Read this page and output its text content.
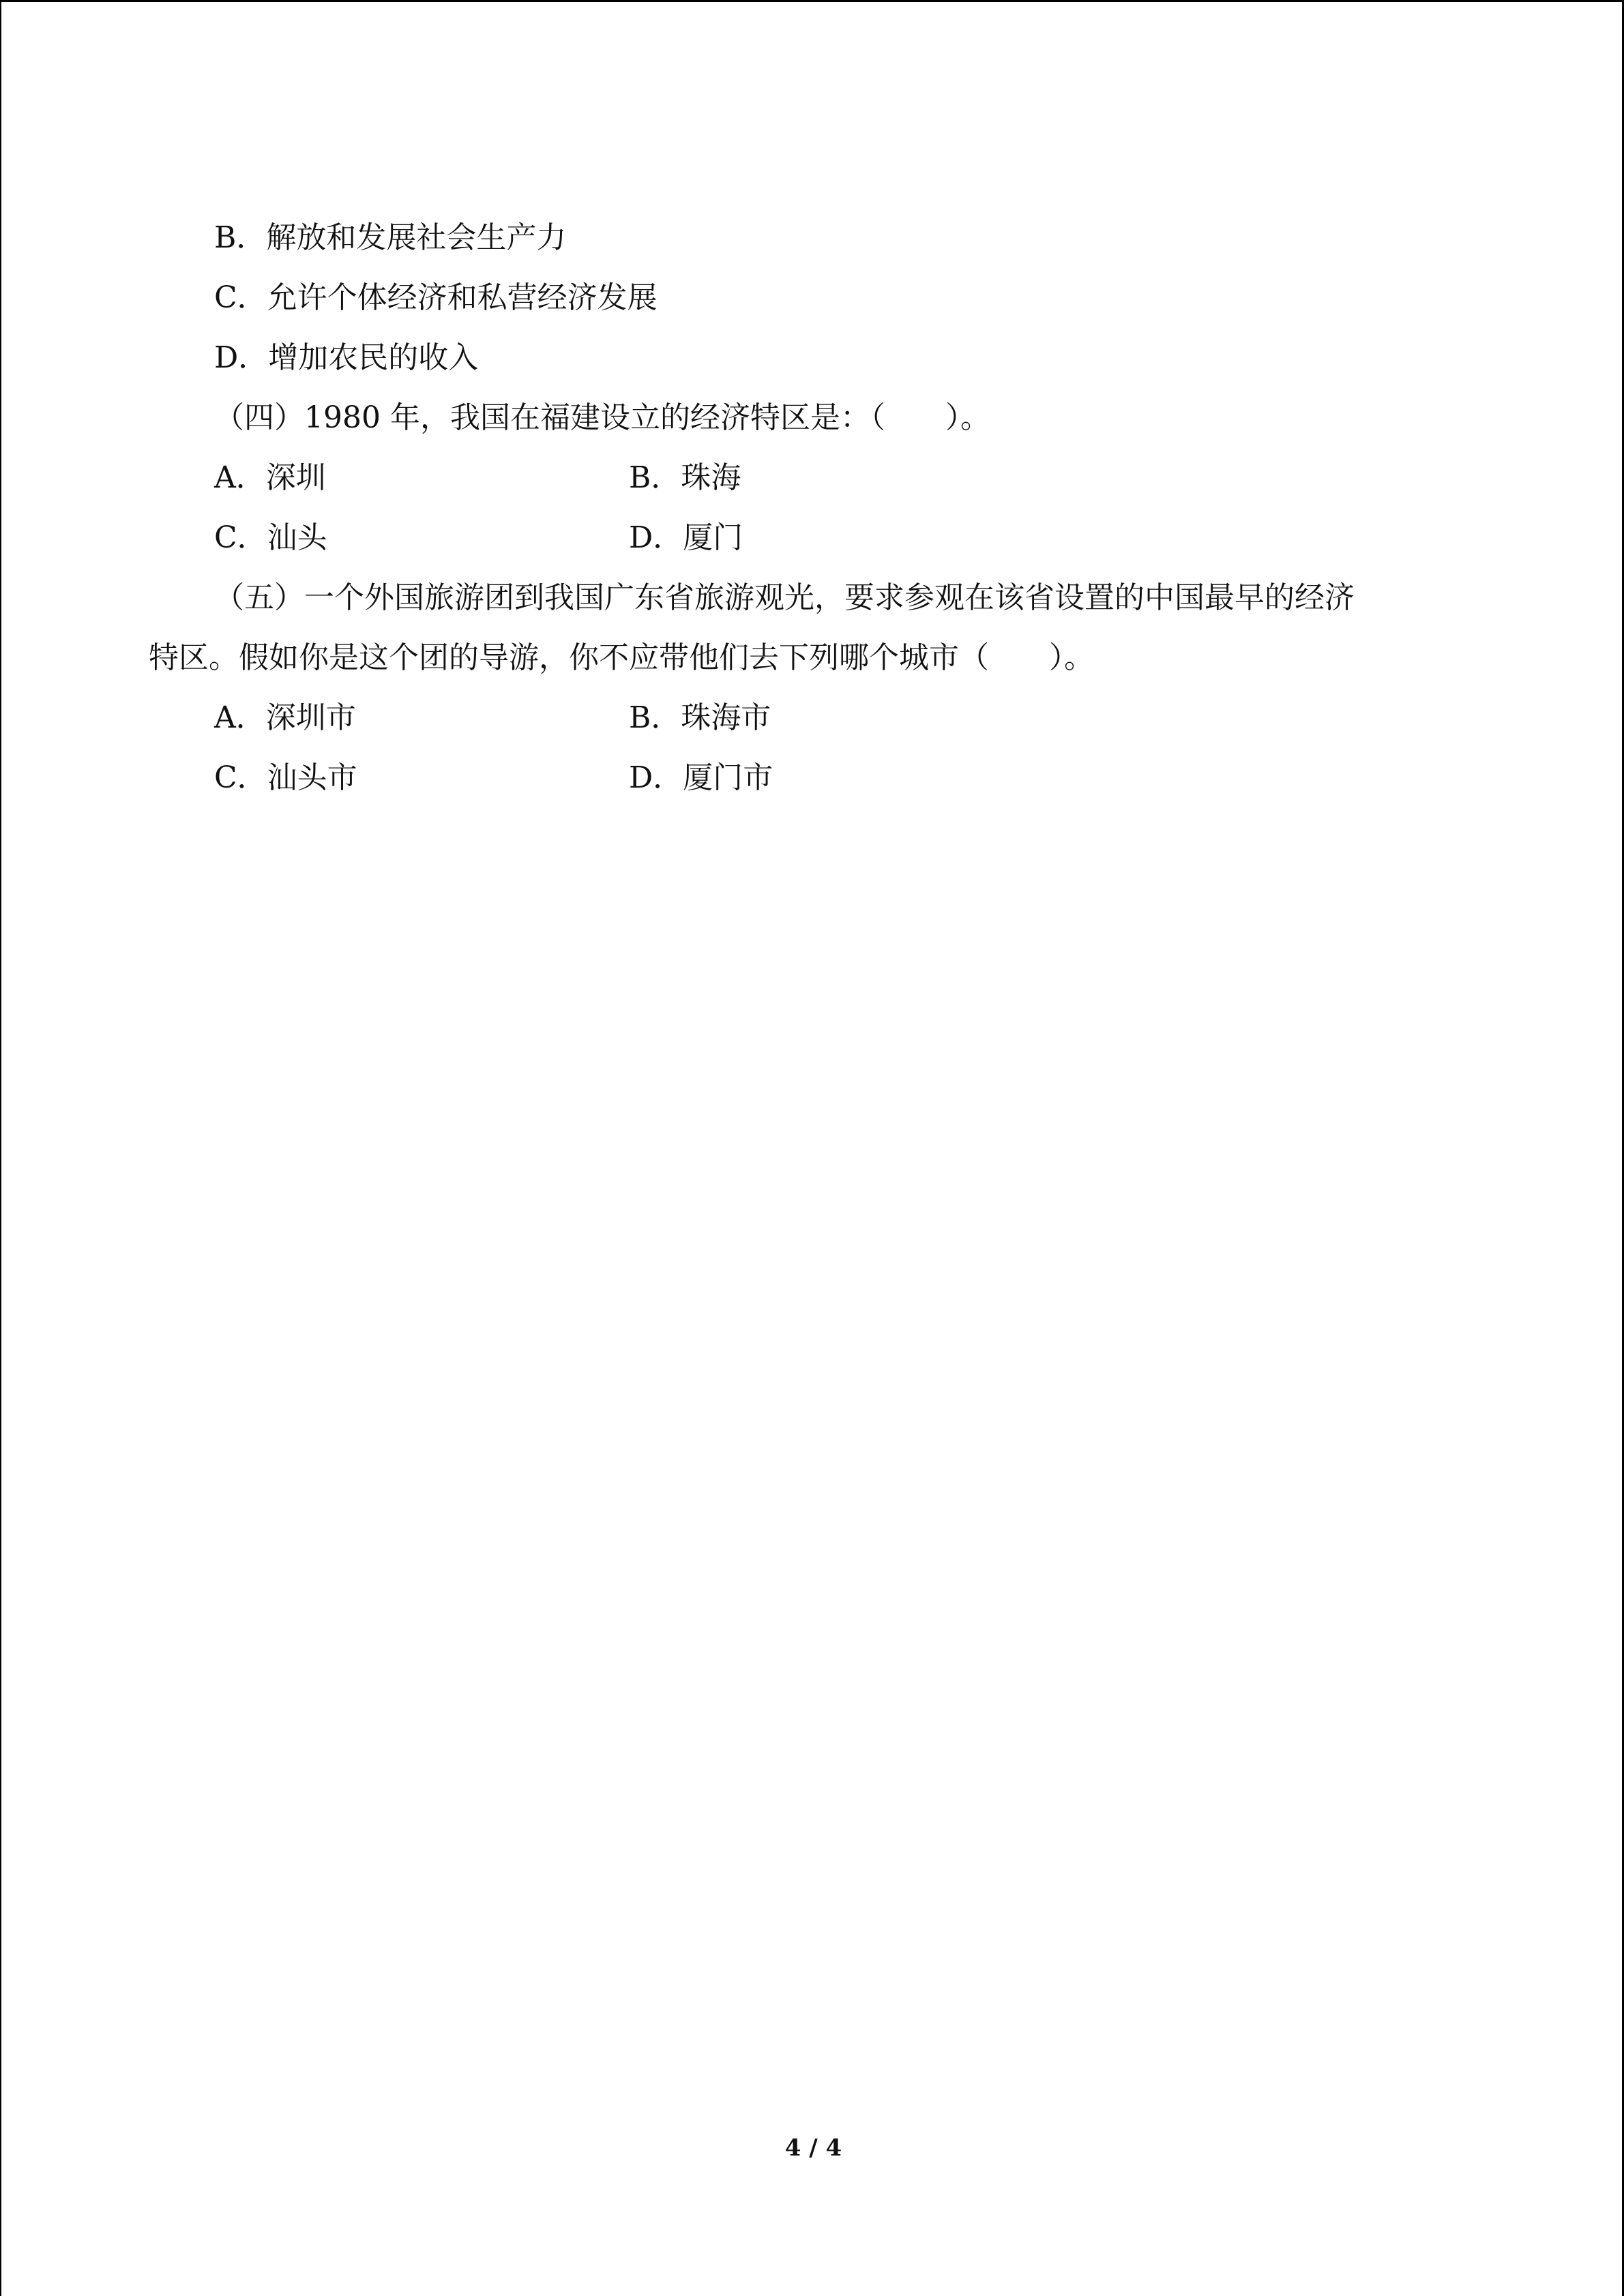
B．解放和发展社会生产力
C．允许个体经济和私营经济发展
D．增加农民的收入
（四）1980 年，我国在福建设立的经济特区是：（　　）。
A．深圳	B．珠海
C．汕头	D．厦门
（五）一个外国旅游团到我国广东省旅游观光，要求参观在该省设置的中国最早的经济
特区。假如你是这个团的导游，你不应带他们去下列哪个城市（　　）。
A．深圳市	B．珠海市
C．汕头市	D．厦门市
4 / 4
